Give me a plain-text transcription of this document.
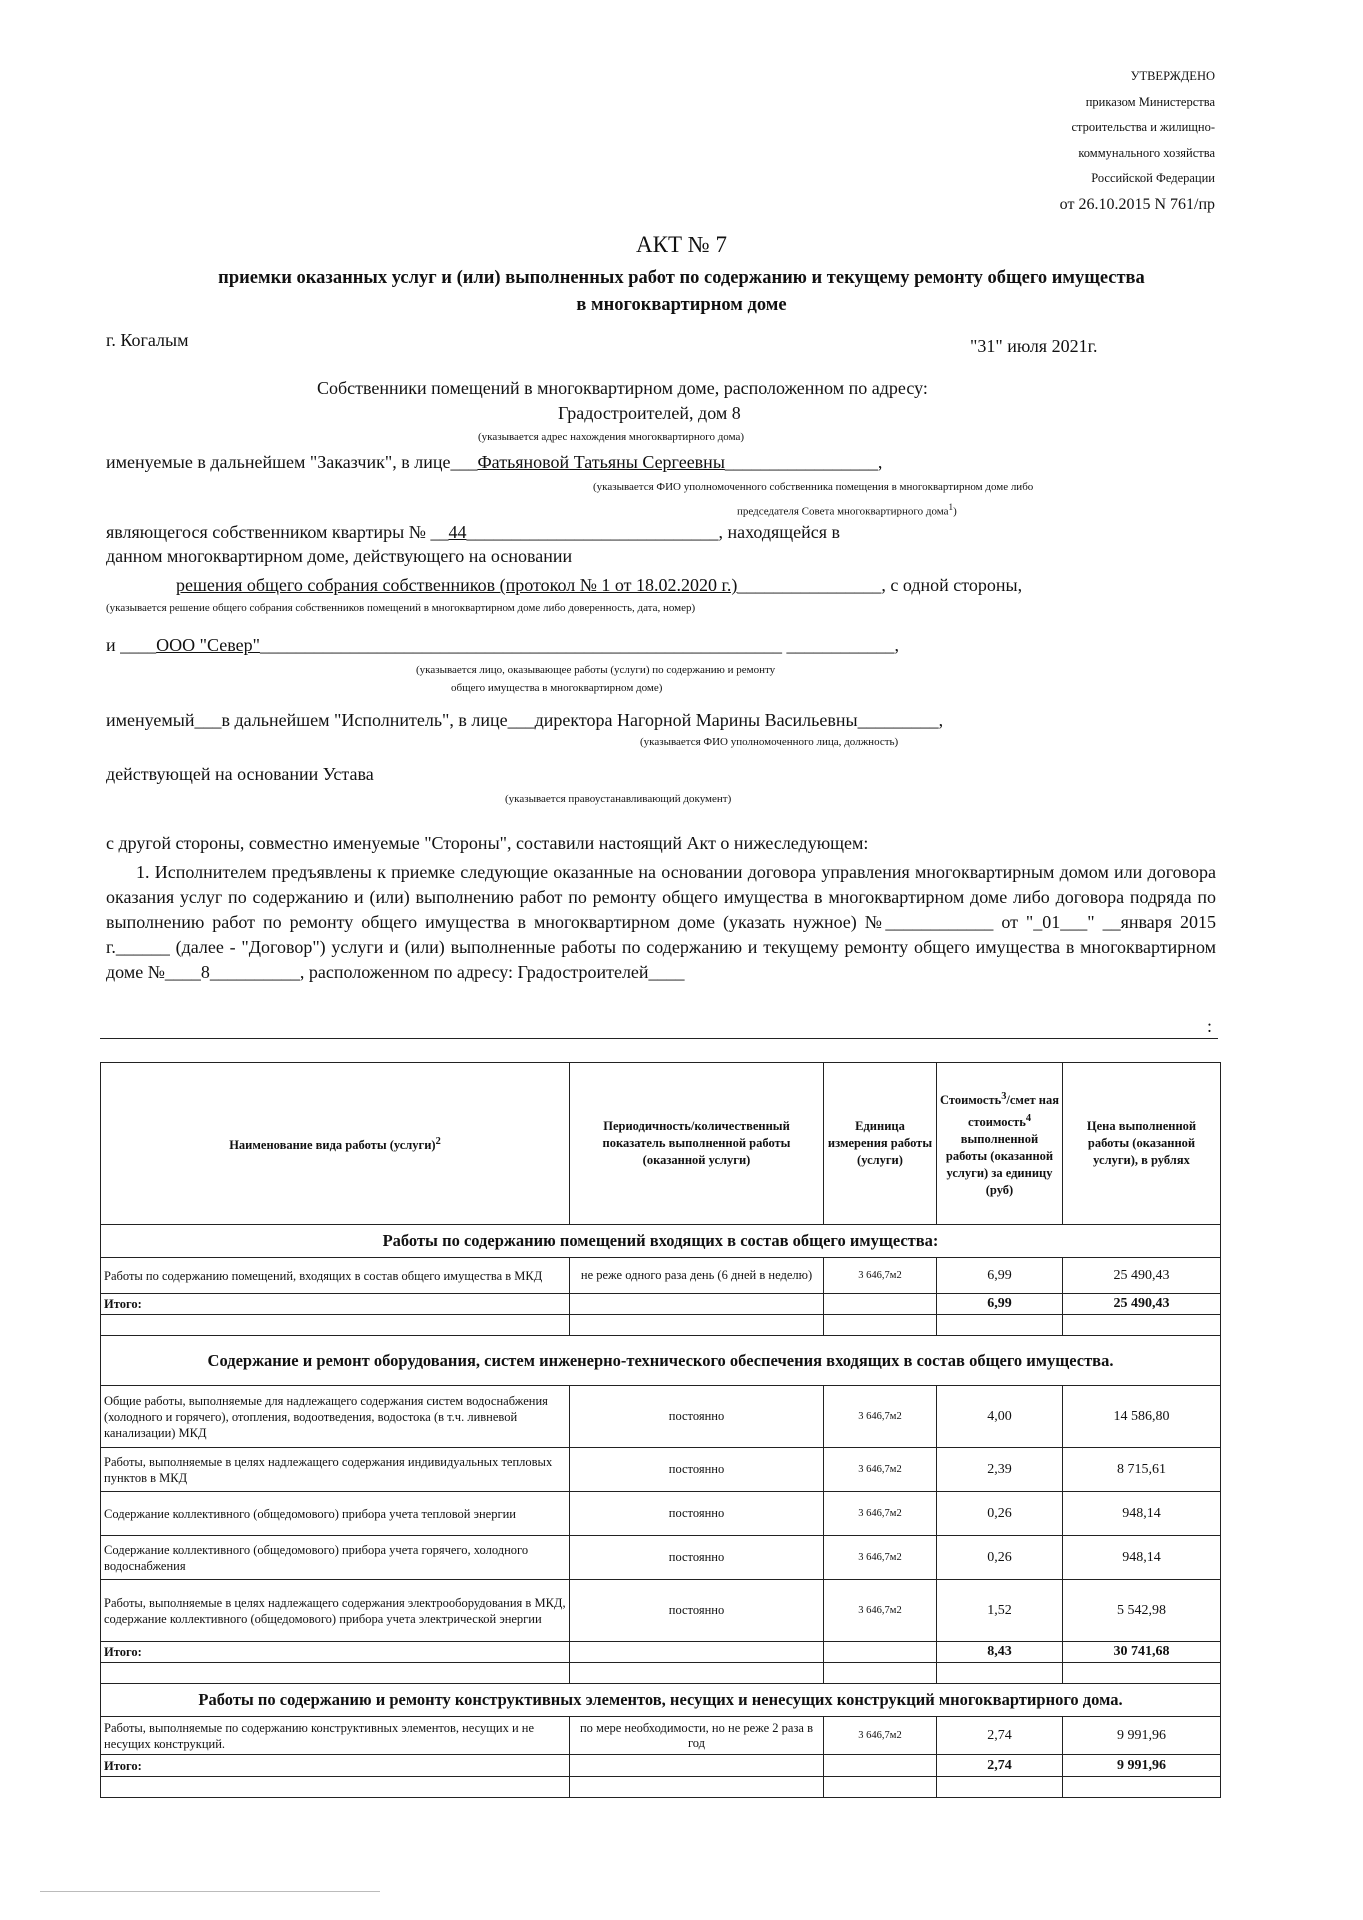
УТВЕРЖДЕНО
приказом Министерства
строительства и жилищно-
коммунального хозяйства
Российской Федерации
от 26.10.2015 N 761/пр
АКТ № 7
приемки оказанных услуг и (или) выполненных работ по содержанию и текущему ремонту общего имущества
в многоквартирном доме
г. Когалым	"31" июля 2021г.
Собственники помещений в многоквартирном доме, расположенном по адресу:
Градостроителей, дом 8
(указывается адрес нахождения многоквартирного дома)
именуемые в дальнейшем "Заказчик", в лице___Фатьяновой Татьяны Сергеевны_________________,
(указывается ФИО уполномоченного собственника помещения в многоквартирном доме либо
председателя Совета многоквартирного дома$^1$)
являющегося собственником квартиры № __44____________________________, находящейся в
данном многоквартирном доме, действующего на основании
решения общего собрания собственников (протокол № 1 от 18.02.2020 г.)________________, с одной стороны,
(указывается решение общего собрания собственников помещений в многоквартирном доме либо доверенность, дата, номер)
и ____ООО "Север"__________________________________________________________ ____________,
(указывается лицо, оказывающее работы (услуги) по содержанию и ремонту
общего имущества в многоквартирном доме)
именуемый___в дальнейшем "Исполнитель", в лице___директора Нагорной Марины Васильевны_________,
(указывается ФИО уполномоченного лица, должность)
действующей на основании Устава
(указывается правоустанавливающий документ)
с другой стороны, совместно именуемые "Стороны", составили настоящий Акт о нижеследующем:
1. Исполнителем предъявлены к приемке следующие оказанные на основании договора управления многоквартирным домом или договора оказания услуг по содержанию и (или) выполнению работ по ремонту общего имущества в многоквартирном доме либо договора подряда по выполнению работ по ремонту общего имущества в многоквартирном доме (указать нужное) №____________ от "_01___" __января 2015 г.______ (далее - "Договор") услуги и (или) выполненные работы по содержанию и текущему ремонту общего имущества в многоквартирном доме №____8__________, расположенном по адресу: Градостроителей____
:
Наименование вида работы (услуги)$^2$	Периодичность/количественный показатель выполненной работы (оказанной услуги)	Единица измерения работы (услуги)	Стоимость$^3$/смет ная стоимость$^4$ выполненной работы (оказанной услуги) за единицу (руб)	Цена выполненной работы (оказанной услуги), в рублях
Работы по содержанию помещений входящих в состав общего имущества:				
Работы по содержанию помещений, входящих в состав общего имущества в МКД	не реже одного раза день (6 дней в неделю)	3 646,7м2	6,99	25 490,43
Итого:			6,99	25 490,43

Содержание и ремонт оборудования, систем инженерно-технического обеспечения входящих в состав общего имущества.				
Общие работы, выполняемые для надлежащего содержания систем водоснабжения (холодного и горячего), отопления, водоотведения, водостока (в т.ч. ливневой канализации) МКД	постоянно	3 646,7м2	4,00	14 586,80
Работы, выполняемые в целях надлежащего содержания индивидуальных тепловых пунктов в МКД	постоянно	3 646,7м2	2,39	8 715,61
Содержание коллективного (общедомового) прибора учета тепловой энергии	постоянно	3 646,7м2	0,26	948,14
Содержание коллективного (общедомового) прибора учета горячего, холодного водоснабжения	постоянно	3 646,7м2	0,26	948,14
Работы, выполняемые в целях надлежащего содержания электрооборудования в МКД, содержание коллективного (общедомового) прибора учета электрической энергии	постоянно	3 646,7м2	1,52	5 542,98
Итого:			8,43	30 741,68

Работы по содержанию и ремонту конструктивных элементов, несущих и ненесущих конструкций многоквартирного дома.				
Работы, выполняемые по содержанию конструктивных элементов, несущих и не несущих конструкций.	по мере необходимости, но не реже 2 раза в год	3 646,7м2	2,74	9 991,96
Итого:			2,74	9 991,96
